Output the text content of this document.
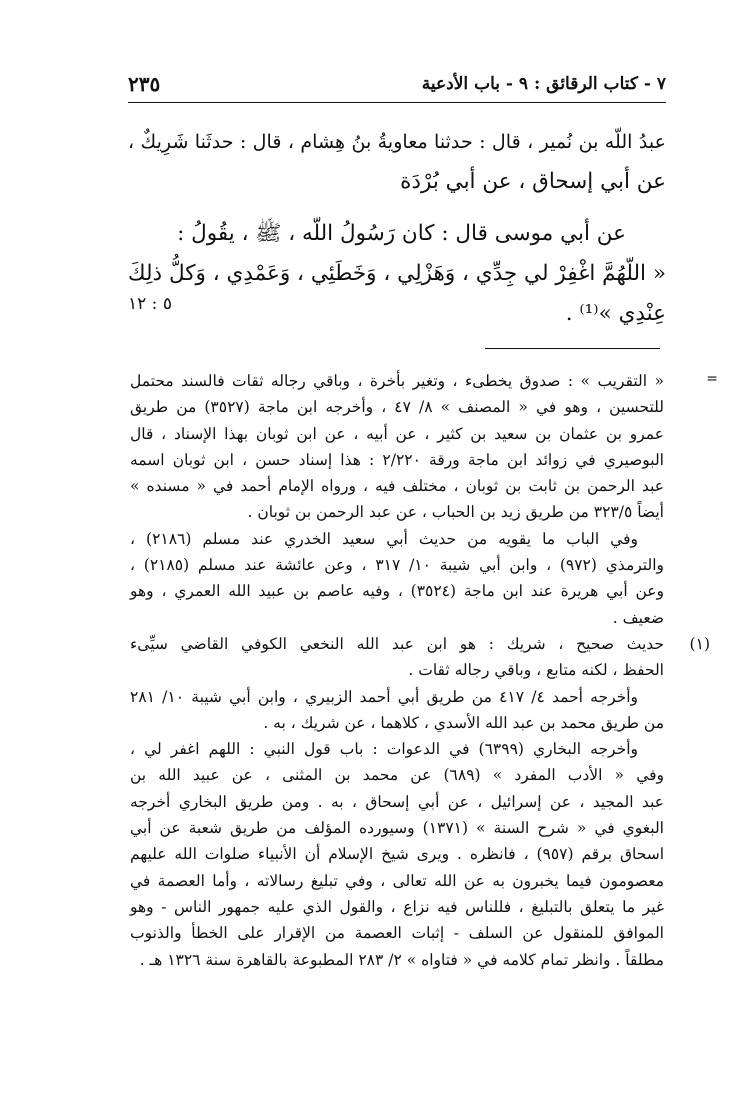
٧ - كتاب الرقائق : ٩ - باب الأدعية
٢٣٥
عبدُ اللّه بن نُمير ، قال : حدثنا معاويةُ بنُ هِشام ، قال : حدثَنا شَرِيكٌ ،
عن أبي إسحاق ، عن أبي بُرْدَة
عن أبي موسى قال : كان رَسُولُ اللّه ، ﷺ ، يقُولُ :
« اللّهُمَّ اغْفِرْ لي جِدِّي ، وَهَزْلِي ، وَخَطَئِي ، وَعَمْدِي ، وَكلُّ ذلِكَ
عِنْدِي »⁽¹⁾ .
٥ : ١٢
=
« التقريب » : صدوق يخطىء ، وتغير بأخرة ، وباقي رجاله ثقات فالسند محتمل
للتحسين ، وهو في « المصنف » ٨/ ٤٧ ، وأخرجه ابن ماجة (٣٥٢٧) من طريق
عمرو بن عثمان بن سعيد بن كثير ، عن أبيه ، عن ابن ثوبان بهذا الإسناد ، قال
البوصيري في زوائد ابن ماجة ورقة ٢/٢٢٠ : هذا إسناد حسن ، ابن ثوبان اسمه
عبد الرحمن بن ثابت بن ثوبان ، مختلف فيه ، ورواه الإمام أحمد في « مسنده »
أيضاً ٣٢٣/٥ من طريق زيد بن الحباب ، عن عبد الرحمن بن ثوبان .
وفي الباب ما يقويه من حديث أبي سعيد الخدري عند مسلم (٢١٨٦) ،
والترمذي (٩٧٢) ، وابن أبي شيبة ١٠/ ٣١٧ ، وعن عائشة عند مسلم (٢١٨٥) ،
وعن أبي هريرة عند ابن ماجة (٣٥٢٤) ، وفيه عاصم بن عبيد الله العمري ، وهو
ضعيف .
(١)
حديث صحيح ، شريك : هو ابن عبد الله النخعي الكوفي القاضي سيِّىء
الحفظ ، لكنه متابع ، وباقي رجاله ثقات .
وأخرجه أحمد ٤/ ٤١٧ من طريق أبي أحمد الزبيري ، وابن أبي شيبة ١٠/ ٢٨١
من طريق محمد بن عبد الله الأسدي ، كلاهما ، عن شريك ، به .
وأخرجه البخاري (٦٣٩٩) في الدعوات : باب قول النبي : اللهم اغفر لي ،
وفي « الأدب المفرد » (٦٨٩) عن محمد بن المثنى ، عن عبيد الله بن
عبد المجيد ، عن إسرائيل ، عن أبي إسحاق ، به . ومن طريق البخاري أخرجه
البغوي في « شرح السنة » (١٣٧١) وسيورده المؤلف من طريق شعبة عن أبي
اسحاق برقم (٩٥٧) ، فانظره . ويرى شيخ الإسلام أن الأنبياء صلوات الله عليهم
معصومون فيما يخبرون به عن الله تعالى ، وفي تبليغ رسالاته ، وأما العصمة في
غير ما يتعلق بالتبليغ ، فللناس فيه نزاع ، والقول الذي عليه جمهور الناس - وهو
الموافق للمنقول عن السلف - إثبات العصمة من الإقرار على الخطأ والذنوب
مطلقاً . وانظر تمام كلامه في « فتاواه » ٢/ ٢٨٣ المطبوعة بالقاهرة سنة ١٣٢٦ هـ .
